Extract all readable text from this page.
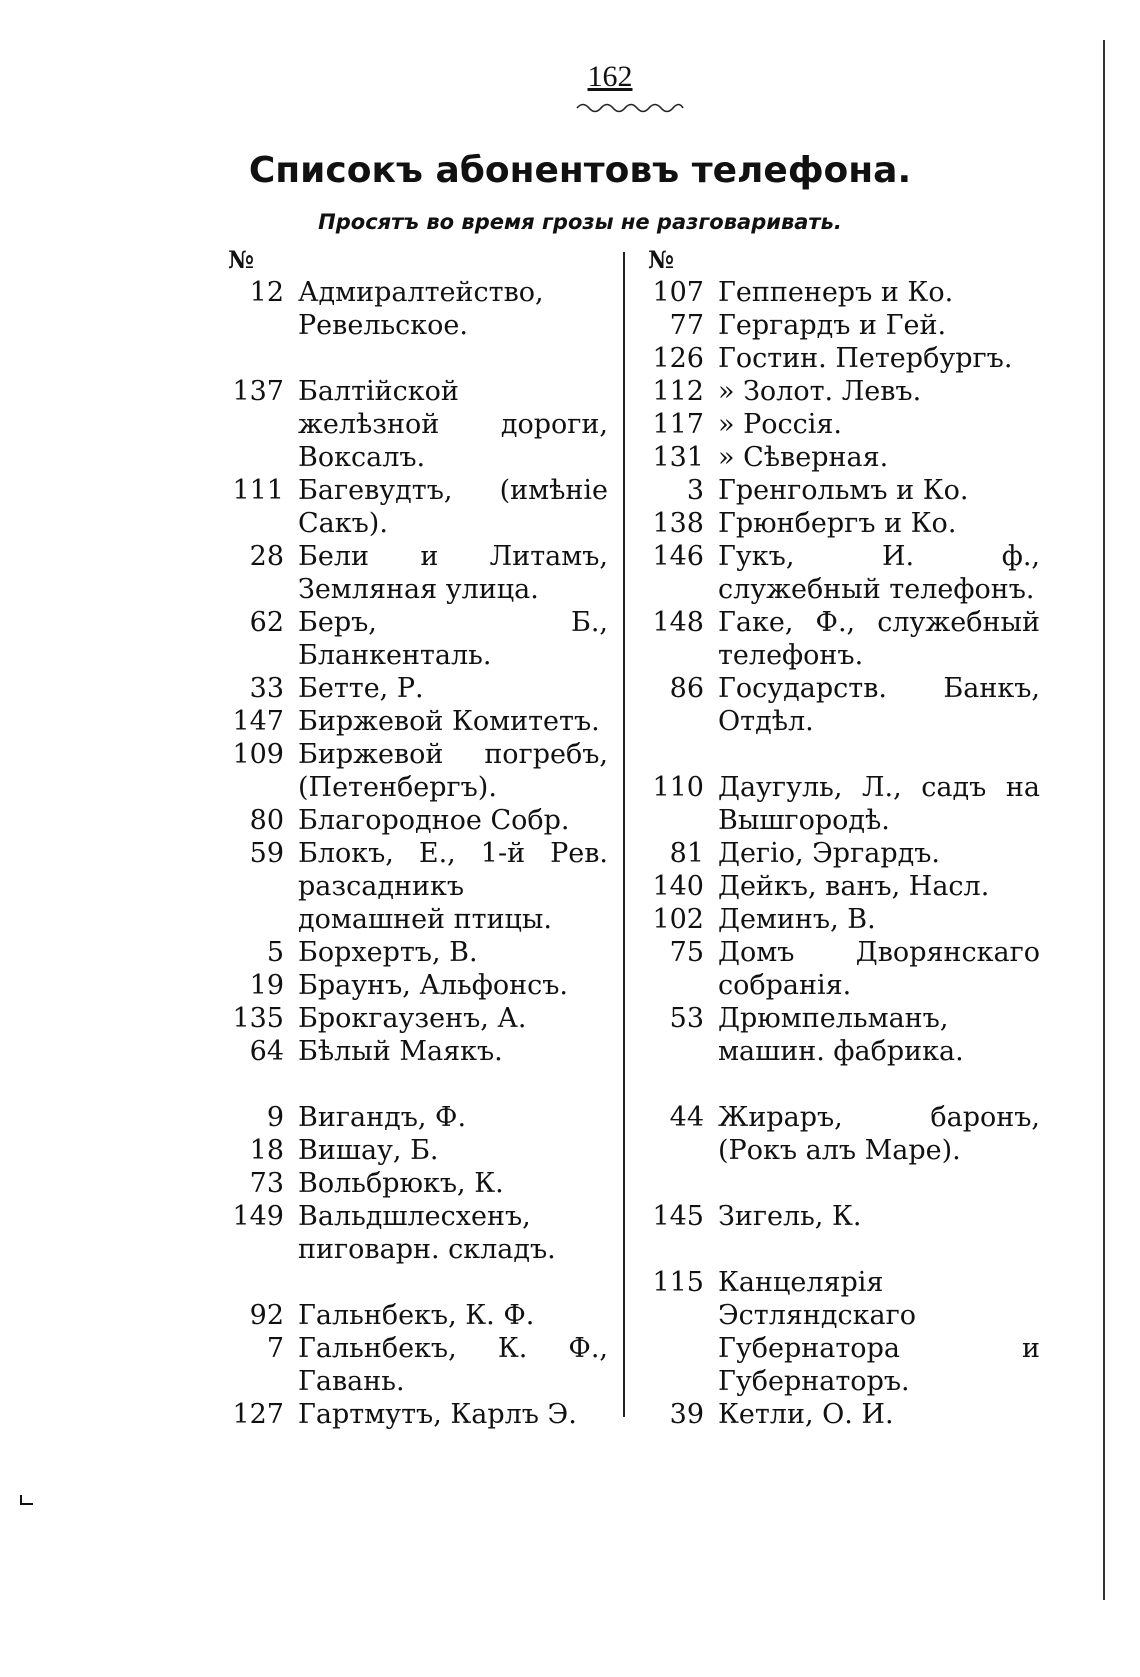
162
Списокъ абонентовъ телефона.
Просятъ во время грозы не разговаривать.
№
12 Адмиралтейство, Ревельское.
137 Балтійской желѣзной дороги, Воксалъ.
111 Багевудтъ, (имѣніе Сакъ).
28 Бели и Литамъ, Земляная улица.
62 Беръ, Б., Бланкенталь.
33 Бетте, Р.
147 Биржевой Комитетъ.
109 Биржевой погребъ, (Петенбергъ).
80 Благородное Собр.
59 Блокъ, Е., 1-й Рев. разсадникъ домашней птицы.
5 Борхертъ, В.
19 Браунъ, Альфонсъ.
135 Брокгаузенъ, А.
64 Бѣлый Маякъ.
9 Вигандъ, Ф.
18 Вишау, Б.
73 Вольбрюкъ, К.
149 Вальдшлесхенъ, пиговарн. складъ.
92 Гальнбекъ, К. Ф.
7 Гальнбекъ, К. Ф., Гавань.
127 Гартмутъ, Карлъ Э.
№
107 Геппенеръ и Ко.
77 Гергардъ и Гей.
126 Гостин. Петербургъ.
112 » Золот. Левъ.
117 » Россія.
131 » Сѣверная.
3 Гренгольмъ и Ко.
138 Грюнбергъ и Ко.
146 Гукъ, И. ф., служебный телефонъ.
148 Гаке, Ф., служебный телефонъ.
86 Государств. Банкъ, Отдѣл.
110 Даугуль, Л., садъ на Вышгородѣ.
81 Дегіо, Эргардъ.
140 Дейкъ, ванъ, Насл.
102 Деминъ, В.
75 Домъ Дворянскаго собранія.
53 Дрюмпельманъ, машин. фабрика.
44 Жираръ, баронъ, (Рокъ алъ Маре).
145 Зигель, К.
115 Канцелярія Эстляндскаго Губернатора и Губернаторъ.
39 Кетли, О. И.
